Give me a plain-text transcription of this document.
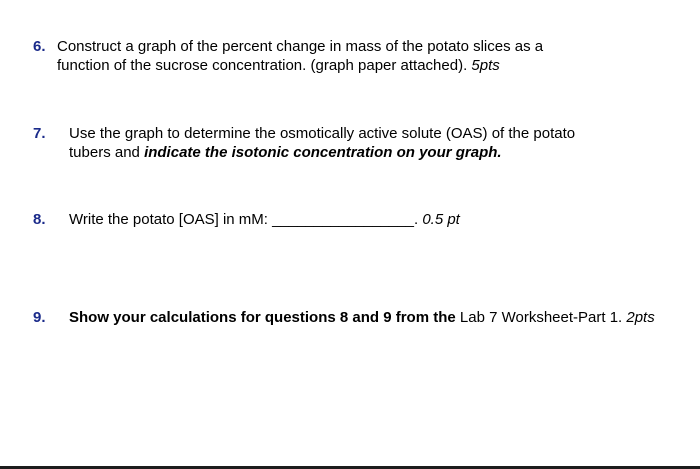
6. Construct a graph of the percent change in mass of the potato slices as a
function of the sucrose concentration. (graph paper attached). 5pts
7. Use the graph to determine the osmotically active solute (OAS) of the potato
tubers and indicate the isotonic concentration on your graph.
8. Write the potato [OAS] in mM: _________________. 0.5 pt
9. Show your calculations for questions 8 and 9 from the Lab 7 Worksheet-Part 1. 2pts
